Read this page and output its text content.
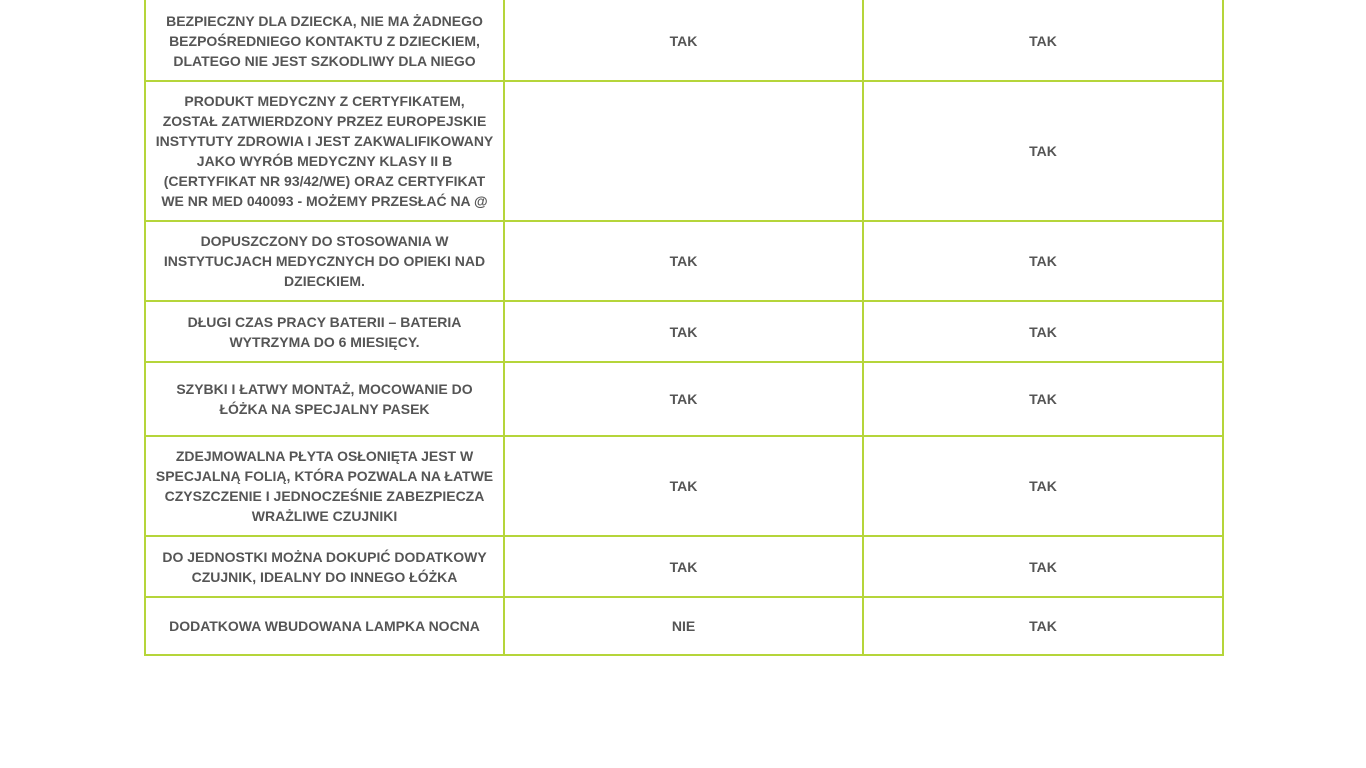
BEZPIECZNY DLA DZIECKA, NIE MA ŻADNEGO BEZPOŚREDNIEGO KONTAKTU Z DZIECKIEM, DLATEGO NIE JEST SZKODLIWY DLA NIEGO	TAK	TAK
PRODUKT MEDYCZNY Z CERTYFIKATEM, ZOSTAŁ ZATWIERDZONY PRZEZ EUROPEJSKIE INSTYTUTY ZDROWIA I JEST ZAKWALIFIKOWANY JAKO WYRÓB MEDYCZNY KLASY II B (CERTYFIKAT NR 93/42/WE) ORAZ CERTYFIKAT WE NR MED 040093 - MOŻEMY PRZESŁAĆ NA @		TAK
DOPUSZCZONY DO STOSOWANIA W INSTYTUCJACH MEDYCZNYCH DO OPIEKI NAD DZIECKIEM.	TAK	TAK
DŁUGI CZAS PRACY BATERII – BATERIA WYTRZYMA DO 6 MIESIĘCY.	TAK	TAK
SZYBKI I ŁATWY MONTAŻ, MOCOWANIE DO ŁÓŻKA NA SPECJALNY PASEK	TAK	TAK
ZDEJMOWALNA PŁYTA OSŁONIĘTA JEST W SPECJALNĄ FOLIĄ, KTÓRA POZWALA NA ŁATWE CZYSZCZENIE I JEDNOCZEŚNIE ZABEZPIECZA WRAŻLIWE CZUJNIKI	TAK	TAK
DO JEDNOSTKI MOŻNA DOKUPIĆ DODATKOWY CZUJNIK, IDEALNY DO INNEGO ŁÓŻKA	TAK	TAK
DODATKOWA WBUDOWANA LAMPKA NOCNA	NIE	TAK
